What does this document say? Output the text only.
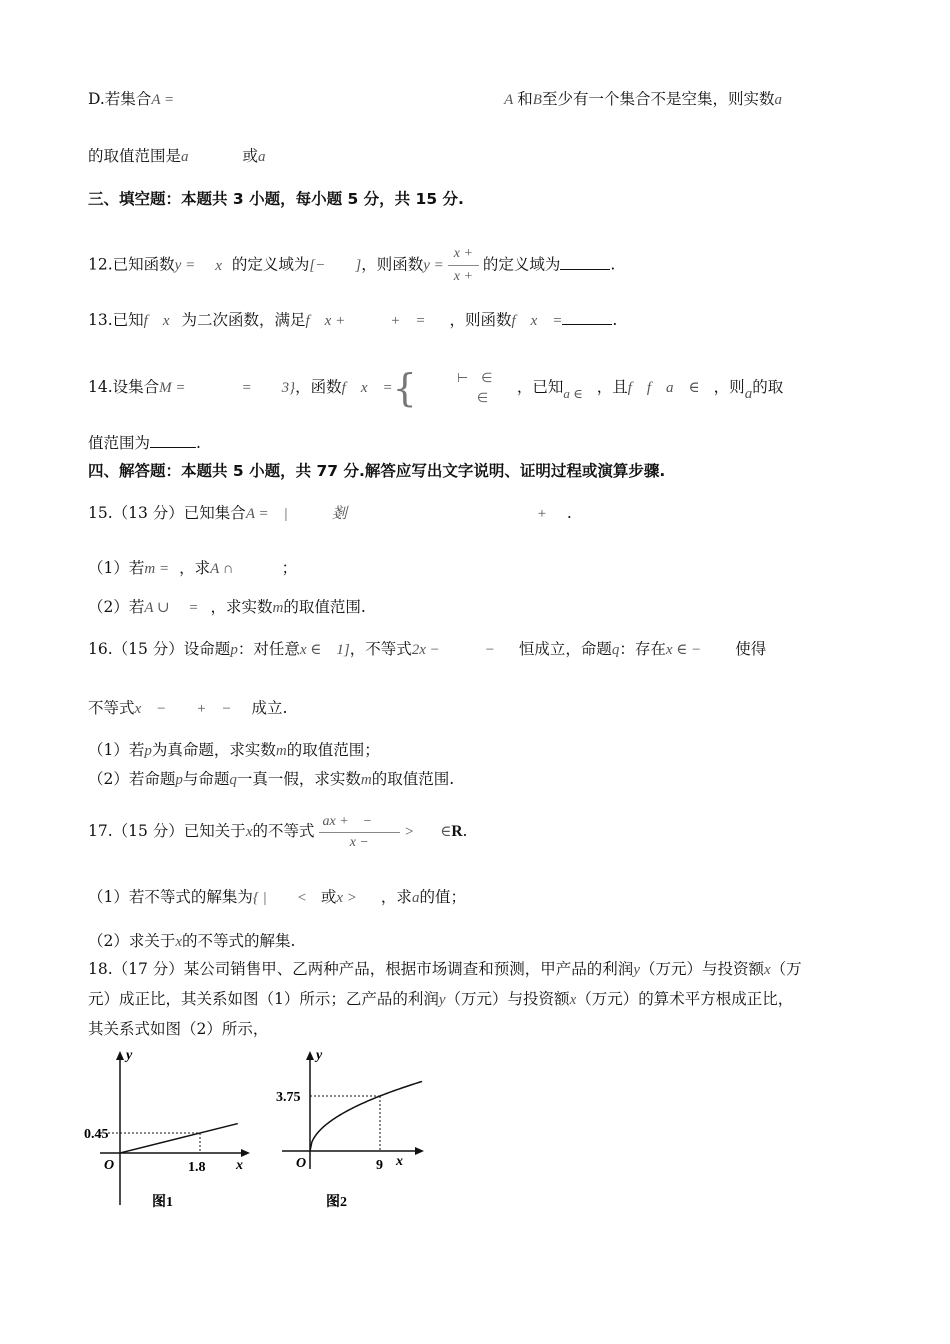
D.若集合A =	A 和B至少有一个集合不是空集，则实数a
的取值范围是a	或a
三、填空题：本题共 3 小题，每小题 5 分，共 15 分.
12.已知函数y = x 的定义域为[−　　]，则函数$y = \frac{x +}{x +}$ 的定义域为	.
13.已知f　x 为二次函数，满足f　x +　　　+　= ，则函数f　x　=	.
14.设集合M =	=　　3}，函数f　x　={	⊢　∈
∈
，已知$_{a \in}$ ，且f　f　a　∈ ，则a的取
值范围为	.
四、解答题：本题共 5 小题，共 77 分.解答应写出文字说明、证明过程或演算步骤.
15.（13 分）已知集合A =　|	剗	+ .
（1）若m = ，求A ∩	；
（2）若A ∪　 = ，求实数m的取值范围.
16.（15 分）设命题p：对任意x ∈　1]，不等式2x −　　　− 恒成立，命题q：存在x ∈ − 使得
不等式x　−　　+　− 成立.
（1）若p为真命题，求实数m的取值范围；
（2）若命题p与命题q一真一假，求实数m的取值范围.
17.（15 分）已知关于x的不等式 $\frac{ax + -}{x -}$ > ∈R.
（1）若不等式的解集为{ |　　< 或x > ，求a的值；
（2）求关于x的不等式的解集.
18.（17 分）某公司销售甲、乙两种产品，根据市场调查和预测，甲产品的利润y（万元）与投资额x（万
元）成正比，其关系如图（1）所示；乙产品的利润y（万元）与投资额x（万元）的算术平方根成正比，
其关系式如图（2）所示，
y
x
O
0.45
1.8
图1
y
x
O
3.75
9
图2
